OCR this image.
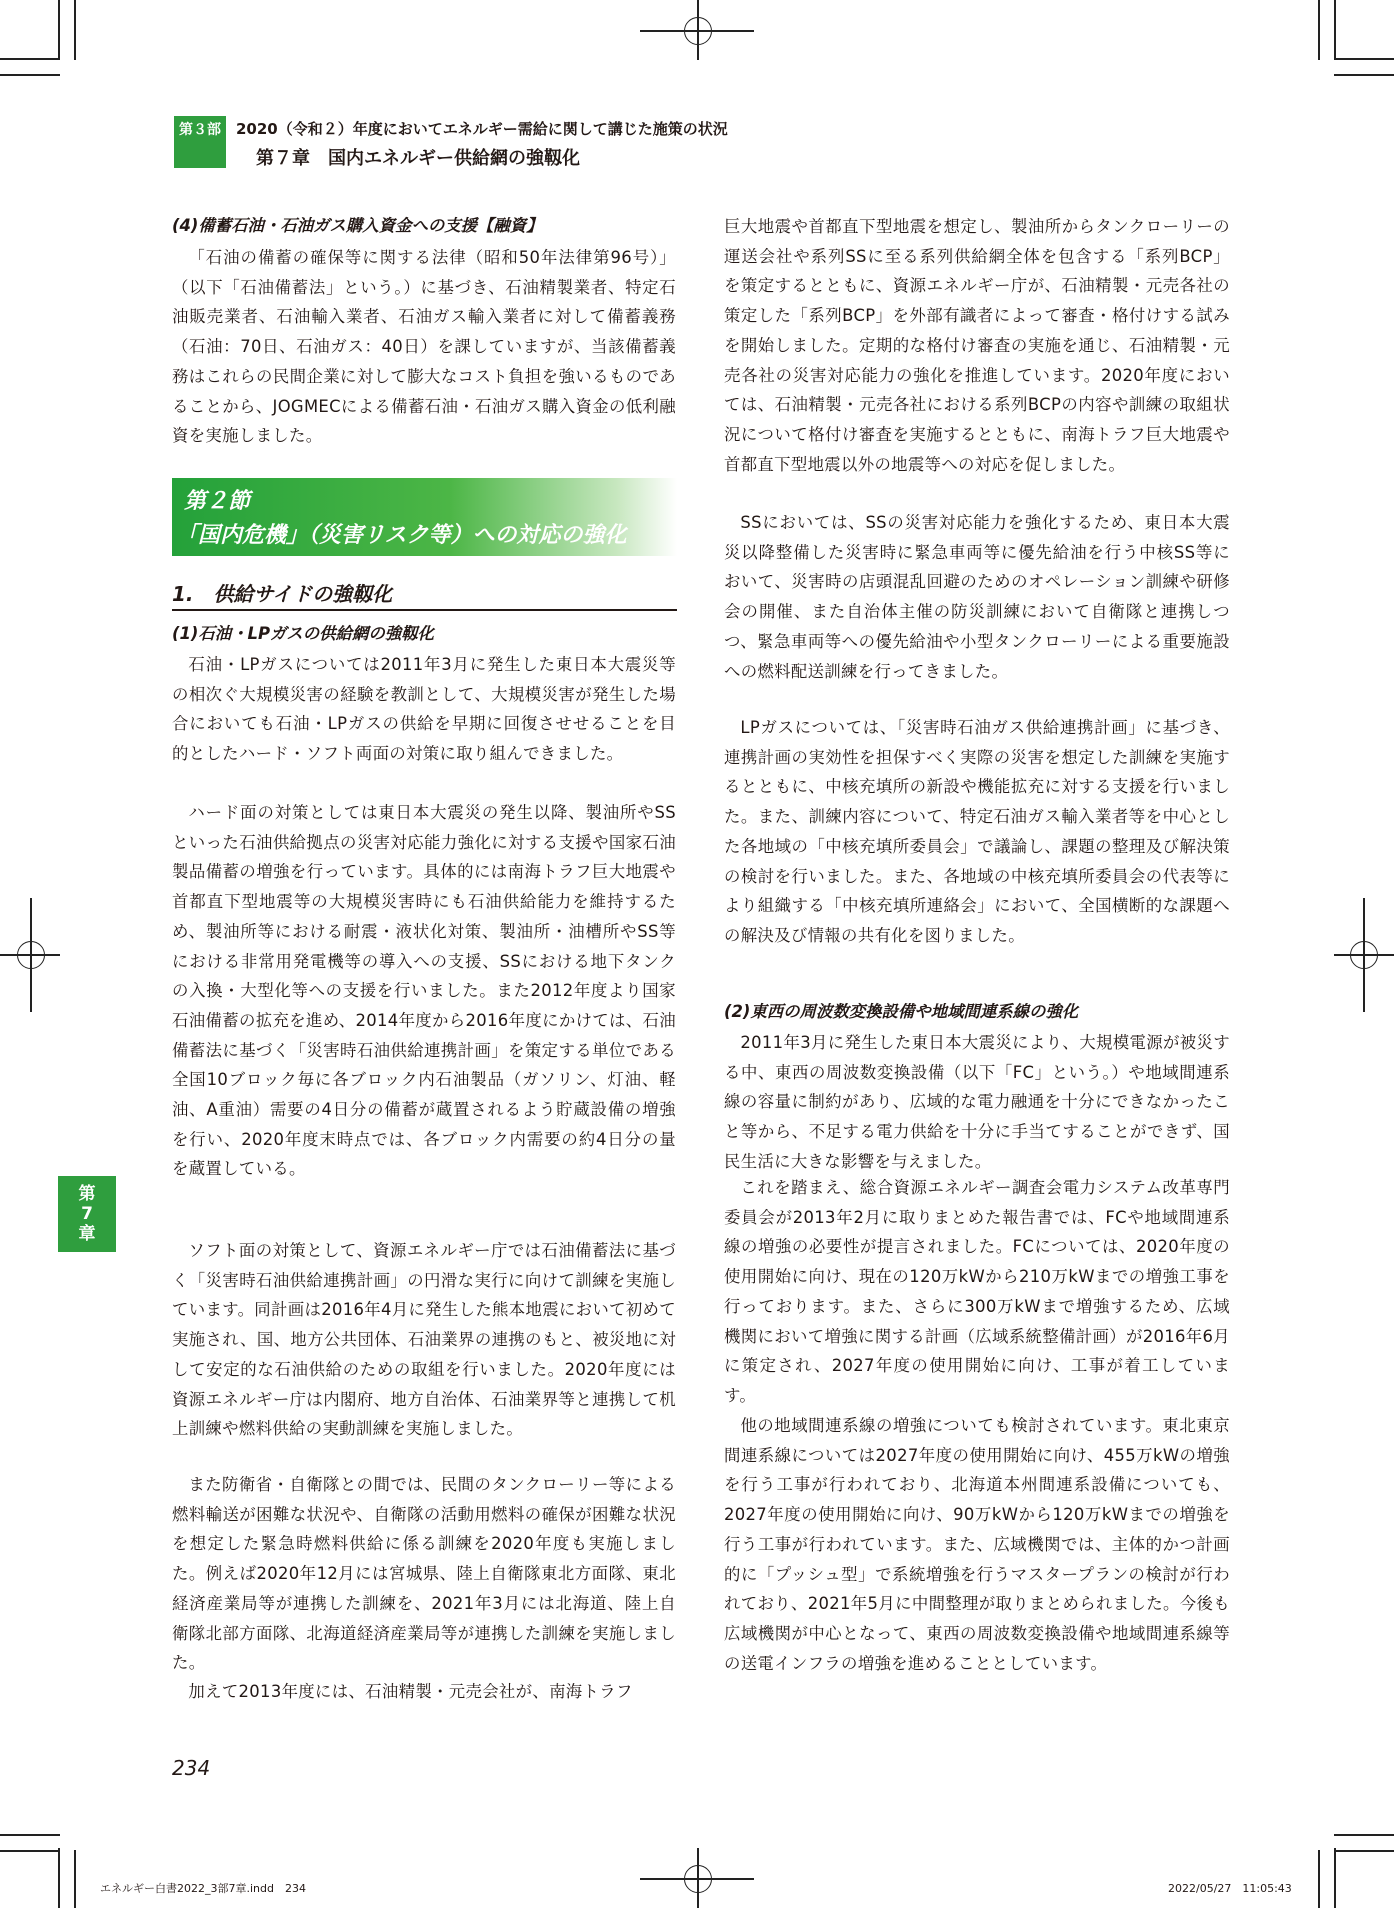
第３部	2020（令和２）年度においてエネルギー需給に関して講じた施策の状況
第７章　国内エネルギー供給網の強靱化

(4)備蓄石油・石油ガス購入資金への支援【融資】

「石油の備蓄の確保等に関する法律（昭和50年法律第96号）」（以下「石油備蓄法」という。）に基づき、石油精製業者、特定石油販売業者、石油輸入業者、石油ガス輸入業者に対して備蓄義務（石油：70日、石油ガス：40日）を課していますが、当該備蓄義務はこれらの民間企業に対して膨大なコスト負担を強いるものであることから、JOGMECによる備蓄石油・石油ガス購入資金の低利融資を実施しました。

第２節
「国内危機」（災害リスク等）への対応の強化
1.　供給サイドの強靱化

(1)石油・LPガスの供給網の強靱化

石油・LPガスについては2011年3月に発生した東日本大震災等の相次ぐ大規模災害の経験を教訓として、大規模災害が発生した場合においても石油・LPガスの供給を早期に回復させせることを目的としたハード・ソフト両面の対策に取り組んできました。

ハード面の対策としては東日本大震災の発生以降、製油所やSSといった石油供給拠点の災害対応能力強化に対する支援や国家石油製品備蓄の増強を行っています。具体的には南海トラフ巨大地震や首都直下型地震等の大規模災害時にも石油供給能力を維持するため、製油所等における耐震・液状化対策、製油所・油槽所やSS等における非常用発電機等の導入への支援、SSにおける地下タンクの入換・大型化等への支援を行いました。また2012年度より国家石油備蓄の拡充を進め、2014年度から2016年度にかけては、石油備蓄法に基づく「災害時石油供給連携計画」を策定する単位である全国10ブロック毎に各ブロック内石油製品（ガソリン、灯油、軽油、A重油）需要の4日分の備蓄が蔵置されるよう貯蔵設備の増強を行い、2020年度末時点では、各ブロック内需要の約4日分の量を蔵置している。

ソフト面の対策として、資源エネルギー庁では石油備蓄法に基づく「災害時石油供給連携計画」の円滑な実行に向けて訓練を実施しています。同計画は2016年4月に発生した熊本地震において初めて実施され、国、地方公共団体、石油業界の連携のもと、被災地に対して安定的な石油供給のための取組を行いました。2020年度には資源エネルギー庁は内閣府、地方自治体、石油業界等と連携して机上訓練や燃料供給の実動訓練を実施しました。

また防衛省・自衛隊との間では、民間のタンクローリー等による燃料輸送が困難な状況や、自衛隊の活動用燃料の確保が困難な状況を想定した緊急時燃料供給に係る訓練を2020年度も実施しました。例えば2020年12月には宮城県、陸上自衛隊東北方面隊、東北経済産業局等が連携した訓練を、2021年3月には北海道、陸上自衛隊北部方面隊、北海道経済産業局等が連携した訓練を実施しました。

加えて2013年度には、石油精製・元売会社が、南海トラフ

巨大地震や首都直下型地震を想定し、製油所からタンクローリーの運送会社や系列SSに至る系列供給網全体を包含する「系列BCP」を策定するとともに、資源エネルギー庁が、石油精製・元売各社の策定した「系列BCP」を外部有識者によって審査・格付けする試みを開始しました。定期的な格付け審査の実施を通じ、石油精製・元売各社の災害対応能力の強化を推進しています。2020年度においては、石油精製・元売各社における系列BCPの内容や訓練の取組状況について格付け審査を実施するとともに、南海トラフ巨大地震や首都直下型地震以外の地震等への対応を促しました。

SSにおいては、SSの災害対応能力を強化するため、東日本大震災以降整備した災害時に緊急車両等に優先給油を行う中核SS等において、災害時の店頭混乱回避のためのオペレーション訓練や研修会の開催、また自治体主催の防災訓練において自衛隊と連携しつつ、緊急車両等への優先給油や小型タンクローリーによる重要施設への燃料配送訓練を行ってきました。

LPガスについては、「災害時石油ガス供給連携計画」に基づき、連携計画の実効性を担保すべく実際の災害を想定した訓練を実施するとともに、中核充填所の新設や機能拡充に対する支援を行いました。また、訓練内容について、特定石油ガス輸入業者等を中心とした各地域の「中核充填所委員会」で議論し、課題の整理及び解決策の検討を行いました。また、各地域の中核充填所委員会の代表等により組織する「中核充填所連絡会」において、全国横断的な課題への解決及び情報の共有化を図りました。

(2)東西の周波数変換設備や地域間連系線の強化

2011年3月に発生した東日本大震災により、大規模電源が被災する中、東西の周波数変換設備（以下「FC」という。）や地域間連系線の容量に制約があり、広域的な電力融通を十分にできなかったこと等から、不足する電力供給を十分に手当てすることができず、国民生活に大きな影響を与えました。

これを踏まえ、総合資源エネルギー調査会電力システム改革専門委員会が2013年2月に取りまとめた報告書では、FCや地域間連系線の増強の必要性が提言されました。FCについては、2020年度の使用開始に向け、現在の120万kWから210万kWまでの増強工事を行っております。また、さらに300万kWまで増強するため、広域機関において増強に関する計画（広域系統整備計画）が2016年6月に策定され、2027年度の使用開始に向け、工事が着工しています。

他の地域間連系線の増強についても検討されています。東北東京間連系線については2027年度の使用開始に向け、455万kWの増強を行う工事が行われており、北海道本州間連系設備についても、2027年度の使用開始に向け、90万kWから120万kWまでの増強を行う工事が行われています。また、広域機関では、主体的かつ計画的に「プッシュ型」で系統増強を行うマスタープランの検討が行われており、2021年5月に中間整理が取りまとめられました。今後も広域機関が中心となって、東西の周波数変換設備や地域間連系線等の送電インフラの増強を進めることとしています。

第
7
章
234
エネルギー白書2022_3部7章.indd　234	2022/05/27　11:05:43
